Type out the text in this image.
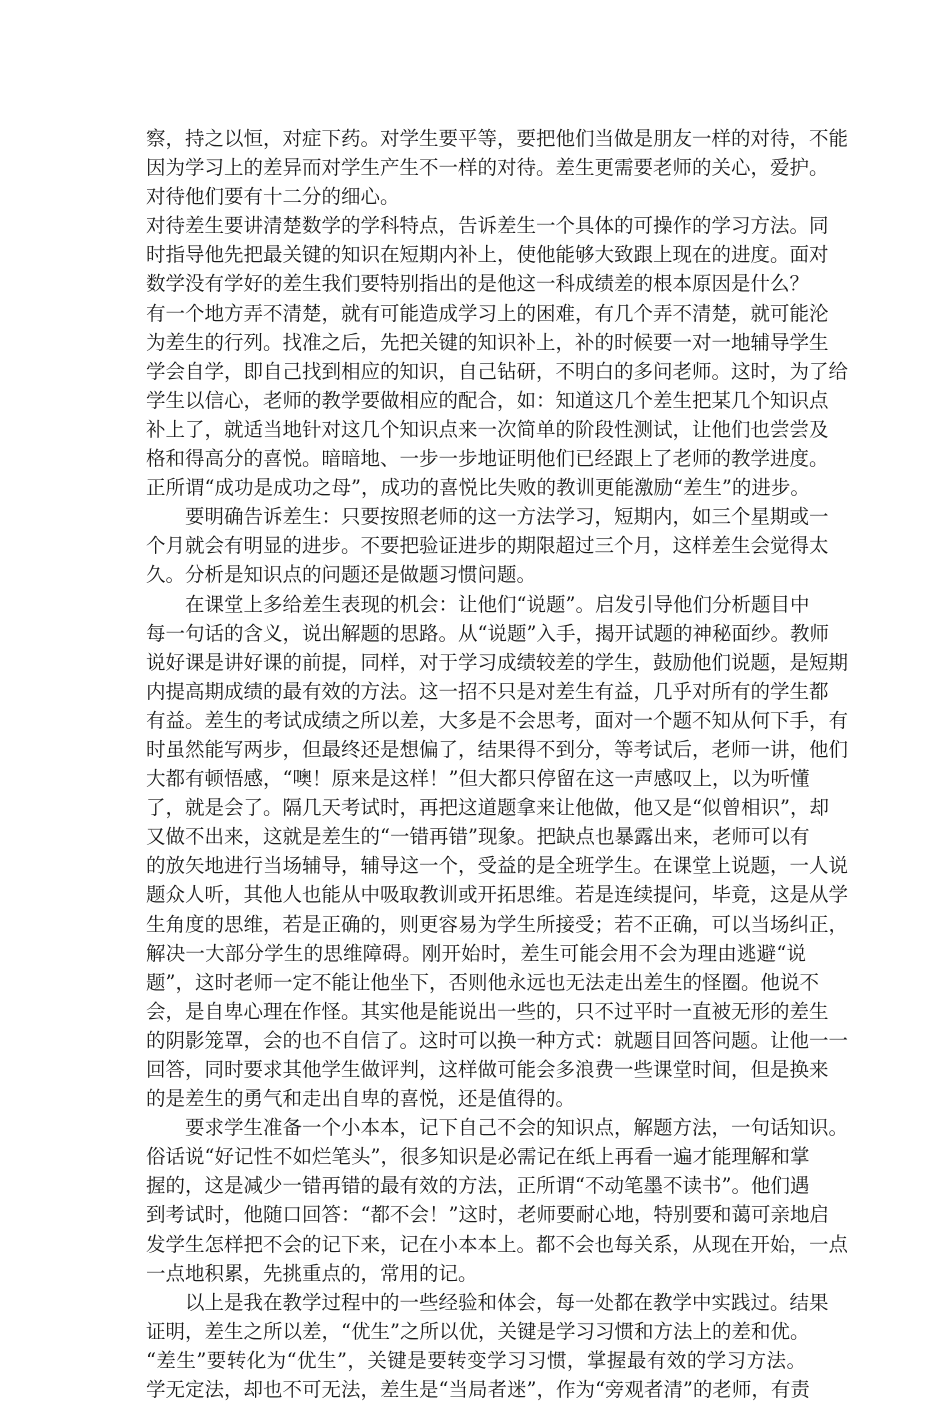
察，持之以恒，对症下药。对学生要平等，要把他们当做是朋友一样的对待，不能
因为学习上的差异而对学生产生不一样的对待。差生更需要老师的关心，爱护。
对待他们要有十二分的细心。
对待差生要讲清楚数学的学科特点，告诉差生一个具体的可操作的学习方法。同
时指导他先把最关键的知识在短期内补上，使他能够大致跟上现在的进度。面对
数学没有学好的差生我们要特别指出的是他这一科成绩差的根本原因是什么？
有一个地方弄不清楚，就有可能造成学习上的困难，有几个弄不清楚，就可能沦
为差生的行列。找准之后，先把关键的知识补上，补的时候要一对一地辅导学生
学会自学，即自己找到相应的知识，自己钻研，不明白的多问老师。这时，为了给
学生以信心，老师的教学要做相应的配合，如：知道这几个差生把某几个知识点
补上了，就适当地针对这几个知识点来一次简单的阶段性测试，让他们也尝尝及
格和得高分的喜悦。暗暗地、一步一步地证明他们已经跟上了老师的教学进度。
正所谓“成功是成功之母”，成功的喜悦比失败的教训更能激励“差生”的进步。
要明确告诉差生：只要按照老师的这一方法学习，短期内，如三个星期或一
个月就会有明显的进步。不要把验证进步的期限超过三个月，这样差生会觉得太
久。分析是知识点的问题还是做题习惯问题。
在课堂上多给差生表现的机会：让他们“说题”。启发引导他们分析题目中
每一句话的含义，说出解题的思路。从“说题”入手，揭开试题的神秘面纱。教师
说好课是讲好课的前提，同样，对于学习成绩较差的学生，鼓励他们说题，是短期
内提高期成绩的最有效的方法。这一招不只是对差生有益，几乎对所有的学生都
有益。差生的考试成绩之所以差，大多是不会思考，面对一个题不知从何下手，有
时虽然能写两步，但最终还是想偏了，结果得不到分，等考试后，老师一讲，他们
大都有顿悟感，“噢！原来是这样！”但大都只停留在这一声感叹上，以为听懂
了，就是会了。隔几天考试时，再把这道题拿来让他做，他又是“似曾相识”，却
又做不出来，这就是差生的“一错再错”现象。把缺点也暴露出来，老师可以有
的放矢地进行当场辅导，辅导这一个，受益的是全班学生。在课堂上说题，一人说
题众人听，其他人也能从中吸取教训或开拓思维。若是连续提问，毕竟，这是从学
生角度的思维，若是正确的，则更容易为学生所接受；若不正确，可以当场纠正，
解决一大部分学生的思维障碍。刚开始时，差生可能会用不会为理由逃避“说
题”，这时老师一定不能让他坐下，否则他永远也无法走出差生的怪圈。他说不
会，是自卑心理在作怪。其实他是能说出一些的，只不过平时一直被无形的差生
的阴影笼罩，会的也不自信了。这时可以换一种方式：就题目回答问题。让他一一
回答，同时要求其他学生做评判，这样做可能会多浪费一些课堂时间，但是换来
的是差生的勇气和走出自卑的喜悦，还是值得的。
要求学生准备一个小本本，记下自己不会的知识点，解题方法，一句话知识。
俗话说“好记性不如烂笔头”，很多知识是必需记在纸上再看一遍才能理解和掌
握的，这是减少一错再错的最有效的方法，正所谓“不动笔墨不读书”。他们遇
到考试时，他随口回答：“都不会！”这时，老师要耐心地，特别要和蔼可亲地启
发学生怎样把不会的记下来，记在小本本上。都不会也每关系，从现在开始，一点
一点地积累，先挑重点的，常用的记。
以上是我在教学过程中的一些经验和体会，每一处都在教学中实践过。结果
证明，差生之所以差，“优生”之所以优，关键是学习习惯和方法上的差和优。
“差生”要转化为“优生”，关键是要转变学习习惯，掌握最有效的学习方法。
学无定法，却也不可无法，差生是“当局者迷”，作为“旁观者清”的老师，有责
